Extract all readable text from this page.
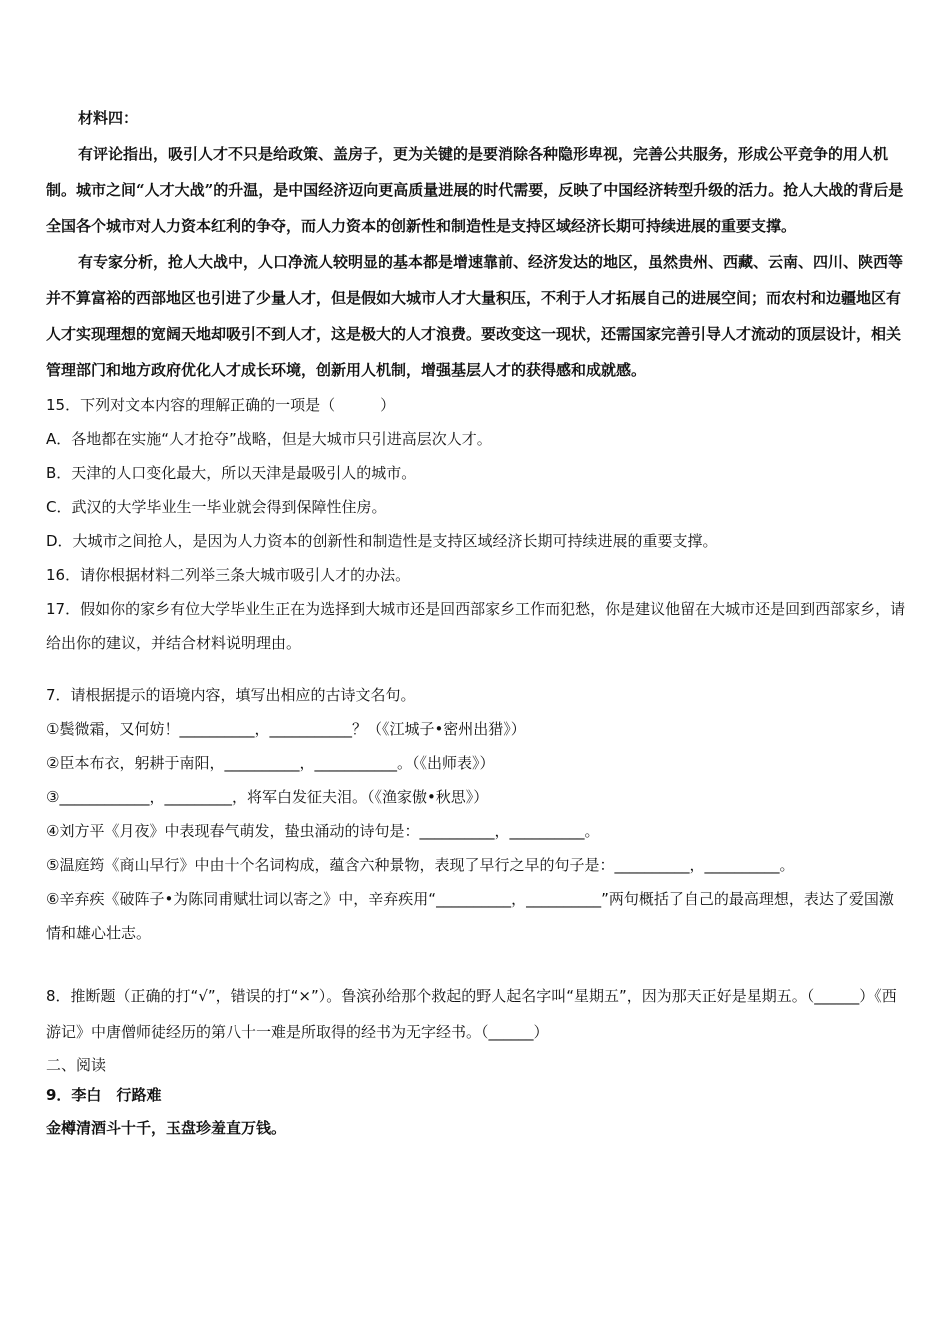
材料四：
有评论指出，吸引人才不只是给政策、盖房子，更为关键的是要消除各种隐形卑视，完善公共服务，形成公平竞争的用人机制。城市之间“人才大战”的升温，是中国经济迈向更高质量进展的时代需要，反映了中国经济转型升级的活力。抢人大战的背后是全国各个城市对人力资本红利的争夺，而人力资本的创新性和制造性是支持区域经济长期可持续进展的重要支撑。
有专家分析，抢人大战中，人口净流人较明显的基本都是增速靠前、经济发达的地区，虽然贵州、西藏、云南、四川、陕西等并不算富裕的西部地区也引进了少量人才，但是假如大城市人才大量积压，不利于人才拓展自己的进展空间；而农村和边疆地区有人才实现理想的宽阔天地却吸引不到人才，这是极大的人才浪费。要改变这一现状，还需国家完善引导人才流动的顶层设计，相关管理部门和地方政府优化人才成长环境，创新用人机制，增强基层人才的获得感和成就感。
15．下列对文本内容的理解正确的一项是（　　　）
A．各地都在实施“人才抢夺”战略，但是大城市只引进高层次人才。
B．天津的人口变化最大，所以天津是最吸引人的城市。
C．武汉的大学毕业生一毕业就会得到保障性住房。
D．大城市之间抢人，是因为人力资本的创新性和制造性是支持区域经济长期可持续进展的重要支撑。
16．请你根据材料二列举三条大城市吸引人才的办法。
17．假如你的家乡有位大学毕业生正在为选择到大城市还是回西部家乡工作而犯愁，你是建议他留在大城市还是回到西部家乡，请给出你的建议，并结合材料说明理由。
7．请根据提示的语境内容，填写出相应的古诗文名句。
①鬓微霜，又何妨！__________，___________？（《江城子•密州出猎》）
②臣本布衣，躬耕于南阳，__________，___________。（《出师表》）
③____________，_________，将军白发征夫泪。（《渔家傲•秋思》）
④刘方平《月夜》中表现春气萌发，蛰虫涌动的诗句是：__________，__________。
⑤温庭筠《商山早行》中由十个名词构成，蕴含六种景物，表现了早行之早的句子是：__________，__________。
⑥辛弃疾《破阵子•为陈同甫赋壮词以寄之》中，辛弃疾用“__________，__________”两句概括了自己的最高理想，表达了爱国激情和雄心壮志。
8．推断题（正确的打“√”，错误的打“×”）。鲁滨孙给那个救起的野人起名字叫“星期五”，因为那天正好是星期五。（______）《西游记》中唐僧师徒经历的第八十一难是所取得的经书为无字经书。（______）
二、阅读
9．李白　行路难
金樽清酒斗十千，玉盘珍羞直万钱。
